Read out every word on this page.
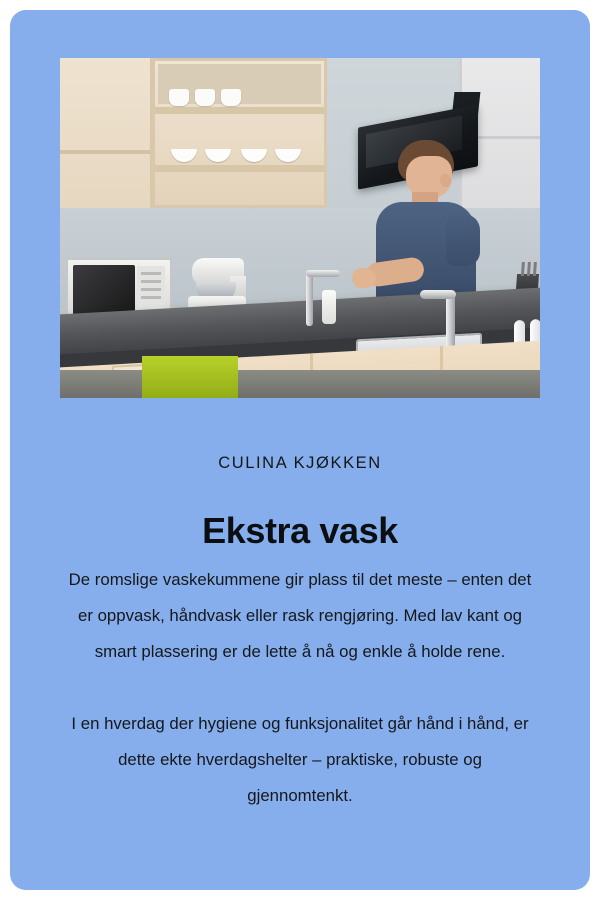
CULINA KJØKKEN
Ekstra vask

De romslige vaskekummene gir plass til det meste – enten det er oppvask, håndvask eller rask rengjøring. Med lav kant og smart plassering er de lette å nå og enkle å holde rene.

I en hverdag der hygiene og funksjonalitet går hånd i hånd, er dette ekte hverdagshelter – praktiske, robuste og gjennomtenkt.
